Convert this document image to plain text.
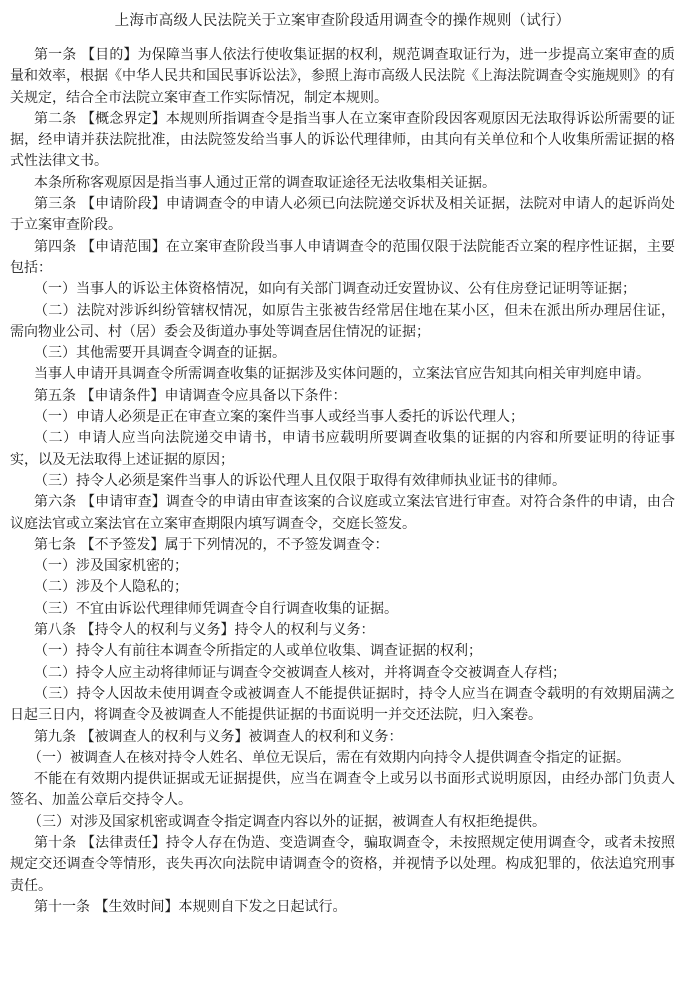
上海市高级人民法院关于立案审查阶段适用调查令的操作规则（试行）

第一条 【目的】为保障当事人依法行使收集证据的权利，规范调查取证行为，进一步提高立案审查的质量和效率，根据《中华人民共和国民事诉讼法》，参照上海市高级人民法院《上海法院调查令实施规则》的有关规定，结合全市法院立案审查工作实际情况，制定本规则。

第二条 【概念界定】本规则所指调查令是指当事人在立案审查阶段因客观原因无法取得诉讼所需要的证据，经申请并获法院批准，由法院签发给当事人的诉讼代理律师，由其向有关单位和个人收集所需证据的格式性法律文书。

本条所称客观原因是指当事人通过正常的调查取证途径无法收集相关证据。

第三条 【申请阶段】申请调查令的申请人必须已向法院递交诉状及相关证据，法院对申请人的起诉尚处于立案审查阶段。

第四条 【申请范围】在立案审查阶段当事人申请调查令的范围仅限于法院能否立案的程序性证据，主要包括：

（一）当事人的诉讼主体资格情况，如向有关部门调查动迁安置协议、公有住房登记证明等证据；

（二）法院对涉诉纠纷管辖权情况，如原告主张被告经常居住地在某小区，但未在派出所办理居住证，需向物业公司、村（居）委会及街道办事处等调查居住情况的证据；

（三）其他需要开具调查令调查的证据。

当事人申请开具调查令所需调查收集的证据涉及实体问题的，立案法官应告知其向相关审判庭申请。

第五条 【申请条件】申请调查令应具备以下条件：

（一）申请人必须是正在审查立案的案件当事人或经当事人委托的诉讼代理人；

（二）申请人应当向法院递交申请书，申请书应载明所要调查收集的证据的内容和所要证明的待证事实，以及无法取得上述证据的原因；

（三）持令人必须是案件当事人的诉讼代理人且仅限于取得有效律师执业证书的律师。

第六条 【申请审查】调查令的申请由审查该案的合议庭或立案法官进行审查。对符合条件的申请，由合议庭法官或立案法官在立案审查期限内填写调查令，交庭长签发。

第七条 【不予签发】属于下列情况的，不予签发调查令：

（一）涉及国家机密的；

（二）涉及个人隐私的；

（三）不宜由诉讼代理律师凭调查令自行调查收集的证据。

第八条 【持令人的权利与义务】持令人的权利与义务：

（一）持令人有前往本调查令所指定的人或单位收集、调查证据的权利；

（二）持令人应主动将律师证与调查令交被调查人核对，并将调查令交被调查人存档；

（三）持令人因故未使用调查令或被调查人不能提供证据时，持令人应当在调查令载明的有效期届满之日起三日内，将调查令及被调查人不能提供证据的书面说明一并交还法院，归入案卷。

第九条 【被调查人的权利与义务】被调查人的权利和义务：

（一）被调查人在核对持令人姓名、单位无误后，需在有效期内向持令人提供调查令指定的证据。

不能在有效期内提供证据或无证据提供，应当在调查令上或另以书面形式说明原因，由经办部门负责人签名、加盖公章后交持令人。

（三）对涉及国家机密或调查令指定调查内容以外的证据，被调查人有权拒绝提供。

第十条 【法律责任】持令人存在伪造、变造调查令，骗取调查令，未按照规定使用调查令，或者未按照规定交还调查令等情形，丧失再次向法院申请调查令的资格，并视情予以处理。构成犯罪的，依法追究刑事责任。

第十一条 【生效时间】本规则自下发之日起试行。
